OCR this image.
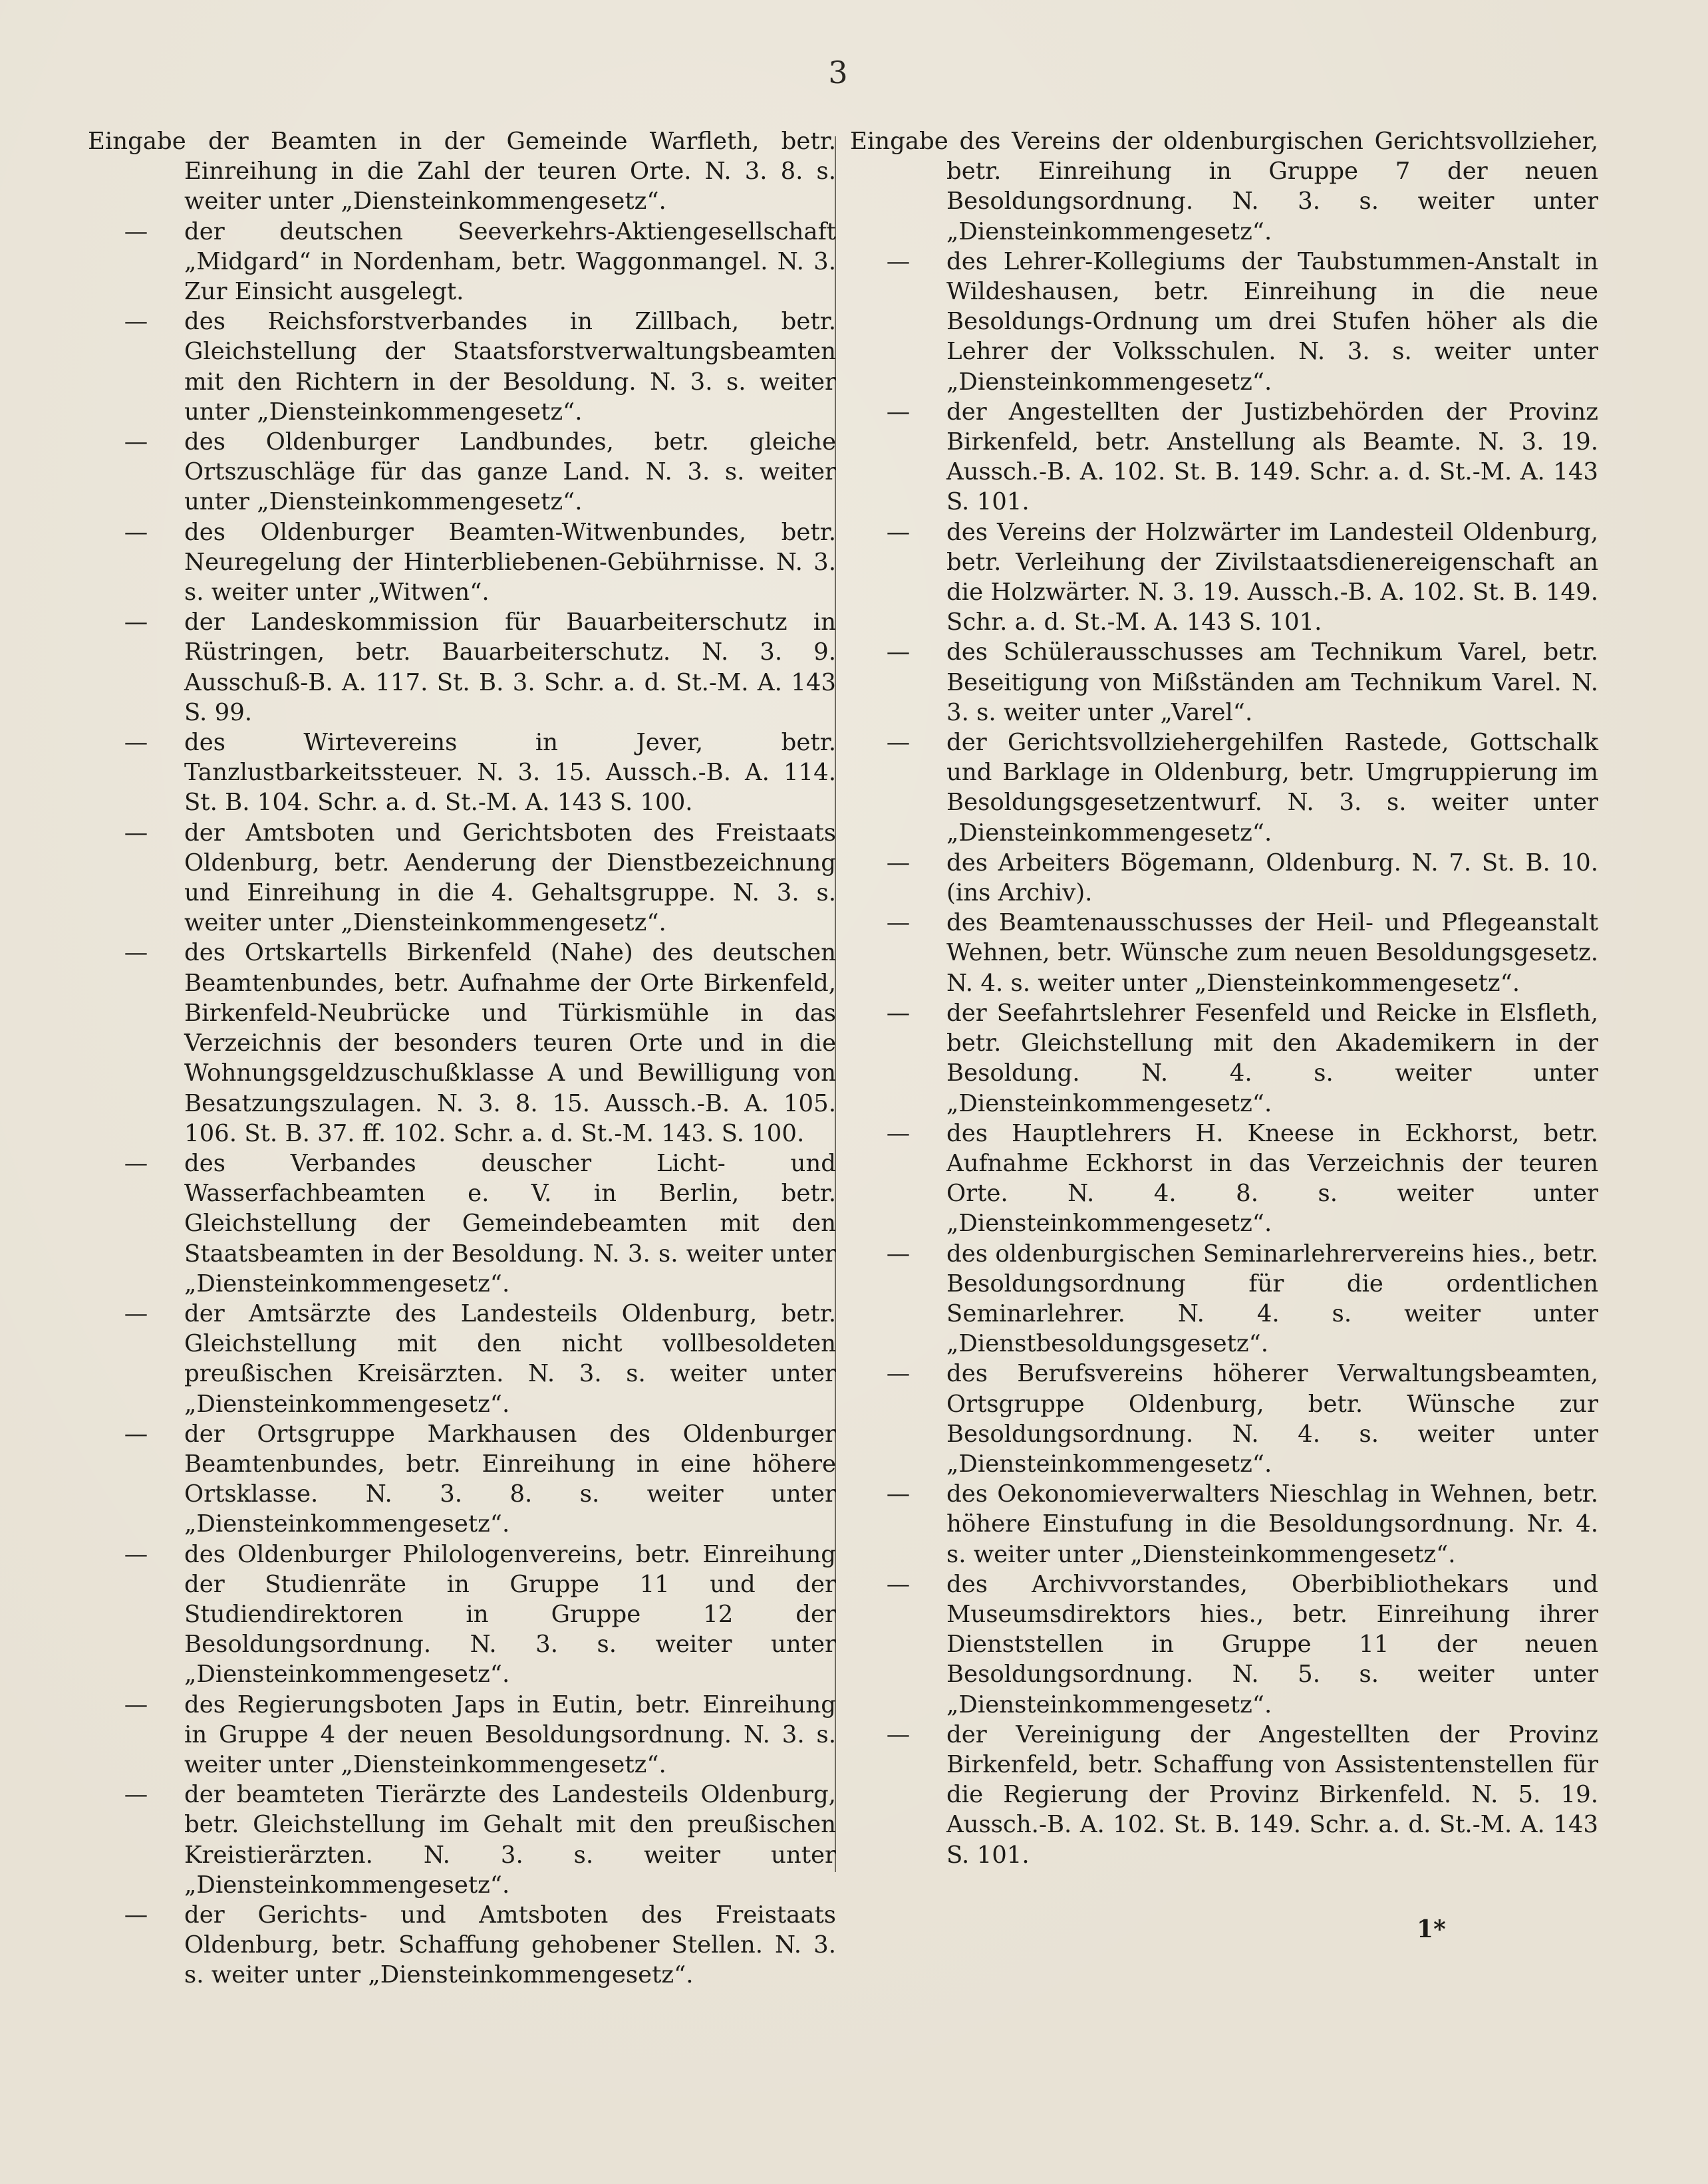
3
Eingabe der Beamten in der Gemeinde Warfleth, betr. Einreihung in die Zahl der teuren Orte. N. 3. 8. s. weiter unter „Diensteinkommengesetz“.
—	der deutschen Seeverkehrs-Aktiengesellschaft „Midgard“ in Nordenham, betr. Waggonmangel. N. 3. Zur Einsicht ausgelegt.
—	des Reichsforstverbandes in Zillbach, betr. Gleichstellung der Staatsforstverwaltungsbeamten mit den Richtern in der Besoldung. N. 3. s. weiter unter „Diensteinkommengesetz“.
—	des Oldenburger Landbundes, betr. gleiche Ortszuschläge für das ganze Land. N. 3. s. weiter unter „Diensteinkommengesetz“.
—	des Oldenburger Beamten-Witwenbundes, betr. Neuregelung der Hinterbliebenen-Gebührnisse. N. 3. s. weiter unter „Witwen“.
—	der Landeskommission für Bauarbeiterschutz in Rüstringen, betr. Bauarbeiterschutz. N. 3. 9. Ausschuß-B. A. 117. St. B. 3. Schr. a. d. St.-M. A. 143 S. 99.
—	des Wirtevereins in Jever, betr. Tanzlustbarkeitssteuer. N. 3. 15. Aussch.-B. A. 114. St. B. 104. Schr. a. d. St.-M. A. 143 S. 100.
—	der Amtsboten und Gerichtsboten des Freistaats Oldenburg, betr. Aenderung der Dienstbezeichnung und Einreihung in die 4. Gehaltsgruppe. N. 3. s. weiter unter „Diensteinkommengesetz“.
—	des Ortskartells Birkenfeld (Nahe) des deutschen Beamtenbundes, betr. Aufnahme der Orte Birkenfeld, Birkenfeld-Neubrücke und Türkismühle in das Verzeichnis der besonders teuren Orte und in die Wohnungsgeldzuschußklasse A und Bewilligung von Besatzungszulagen. N. 3. 8. 15. Aussch.-B. A. 105. 106. St. B. 37. ff. 102. Schr. a. d. St.-M. 143. S. 100.
—	des Verbandes deuscher Licht- und Wasserfachbeamten e. V. in Berlin, betr. Gleichstellung der Gemeindebeamten mit den Staatsbeamten in der Besoldung. N. 3. s. weiter unter „Diensteinkommengesetz“.
—	der Amtsärzte des Landesteils Oldenburg, betr. Gleichstellung mit den nicht vollbesoldeten preußischen Kreisärzten. N. 3. s. weiter unter „Diensteinkommengesetz“.
—	der Ortsgruppe Markhausen des Oldenburger Beamtenbundes, betr. Einreihung in eine höhere Ortsklasse. N. 3. 8. s. weiter unter „Diensteinkommengesetz“.
—	des Oldenburger Philologenvereins, betr. Einreihung der Studienräte in Gruppe 11 und der Studiendirektoren in Gruppe 12 der Besoldungsordnung. N. 3. s. weiter unter „Diensteinkommengesetz“.
—	des Regierungsboten Japs in Eutin, betr. Einreihung in Gruppe 4 der neuen Besoldungsordnung. N. 3. s. weiter unter „Diensteinkommengesetz“.
—	der beamteten Tierärzte des Landesteils Oldenburg, betr. Gleichstellung im Gehalt mit den preußischen Kreistierärzten. N. 3. s. weiter unter „Diensteinkommengesetz“.
—	der Gerichts- und Amtsboten des Freistaats Oldenburg, betr. Schaffung gehobener Stellen. N. 3. s. weiter unter „Diensteinkommengesetz“.
Eingabe des Vereins der oldenburgischen Gerichtsvollzieher, betr. Einreihung in Gruppe 7 der neuen Besoldungsordnung. N. 3. s. weiter unter „Diensteinkommengesetz“.
—	des Lehrer-Kollegiums der Taubstummen-Anstalt in Wildeshausen, betr. Einreihung in die neue Besoldungs-Ordnung um drei Stufen höher als die Lehrer der Volksschulen. N. 3. s. weiter unter „Diensteinkommengesetz“.
—	der Angestellten der Justizbehörden der Provinz Birkenfeld, betr. Anstellung als Beamte. N. 3. 19. Aussch.-B. A. 102. St. B. 149. Schr. a. d. St.-M. A. 143 S. 101.
—	des Vereins der Holzwärter im Landesteil Oldenburg, betr. Verleihung der Zivilstaatsdienereigenschaft an die Holzwärter. N. 3. 19. Aussch.-B. A. 102. St. B. 149. Schr. a. d. St.-M. A. 143 S. 101.
—	des Schülerausschusses am Technikum Varel, betr. Beseitigung von Mißständen am Technikum Varel. N. 3. s. weiter unter „Varel“.
—	der Gerichtsvollziehergehilfen Rastede, Gottschalk und Barklage in Oldenburg, betr. Umgruppierung im Besoldungsgesetzentwurf. N. 3. s. weiter unter „Diensteinkommengesetz“.
—	des Arbeiters Bögemann, Oldenburg. N. 7. St. B. 10. (ins Archiv).
—	des Beamtenausschusses der Heil- und Pflegeanstalt Wehnen, betr. Wünsche zum neuen Besoldungsgesetz. N. 4. s. weiter unter „Diensteinkommengesetz“.
—	der Seefahrtslehrer Fesenfeld und Reicke in Elsfleth, betr. Gleichstellung mit den Akademikern in der Besoldung. N. 4. s. weiter unter „Diensteinkommengesetz“.
—	des Hauptlehrers H. Kneese in Eckhorst, betr. Aufnahme Eckhorst in das Verzeichnis der teuren Orte. N. 4. 8. s. weiter unter „Diensteinkommengesetz“.
—	des oldenburgischen Seminarlehrervereins hies., betr. Besoldungsordnung für die ordentlichen Seminarlehrer. N. 4. s. weiter unter „Dienstbesoldungsgesetz“.
—	des Berufsvereins höherer Verwaltungsbeamten, Ortsgruppe Oldenburg, betr. Wünsche zur Besoldungsordnung. N. 4. s. weiter unter „Diensteinkommengesetz“.
—	des Oekonomieverwalters Nieschlag in Wehnen, betr. höhere Einstufung in die Besoldungsordnung. Nr. 4. s. weiter unter „Diensteinkommengesetz“.
—	des Archivvorstandes, Oberbibliothekars und Museumsdirektors hies., betr. Einreihung ihrer Dienststellen in Gruppe 11 der neuen Besoldungsordnung. N. 5. s. weiter unter „Diensteinkommengesetz“.
—	der Vereinigung der Angestellten der Provinz Birkenfeld, betr. Schaffung von Assistentenstellen für die Regierung der Provinz Birkenfeld. N. 5. 19. Aussch.-B. A. 102. St. B. 149. Schr. a. d. St.-M. A. 143 S. 101.
1*
